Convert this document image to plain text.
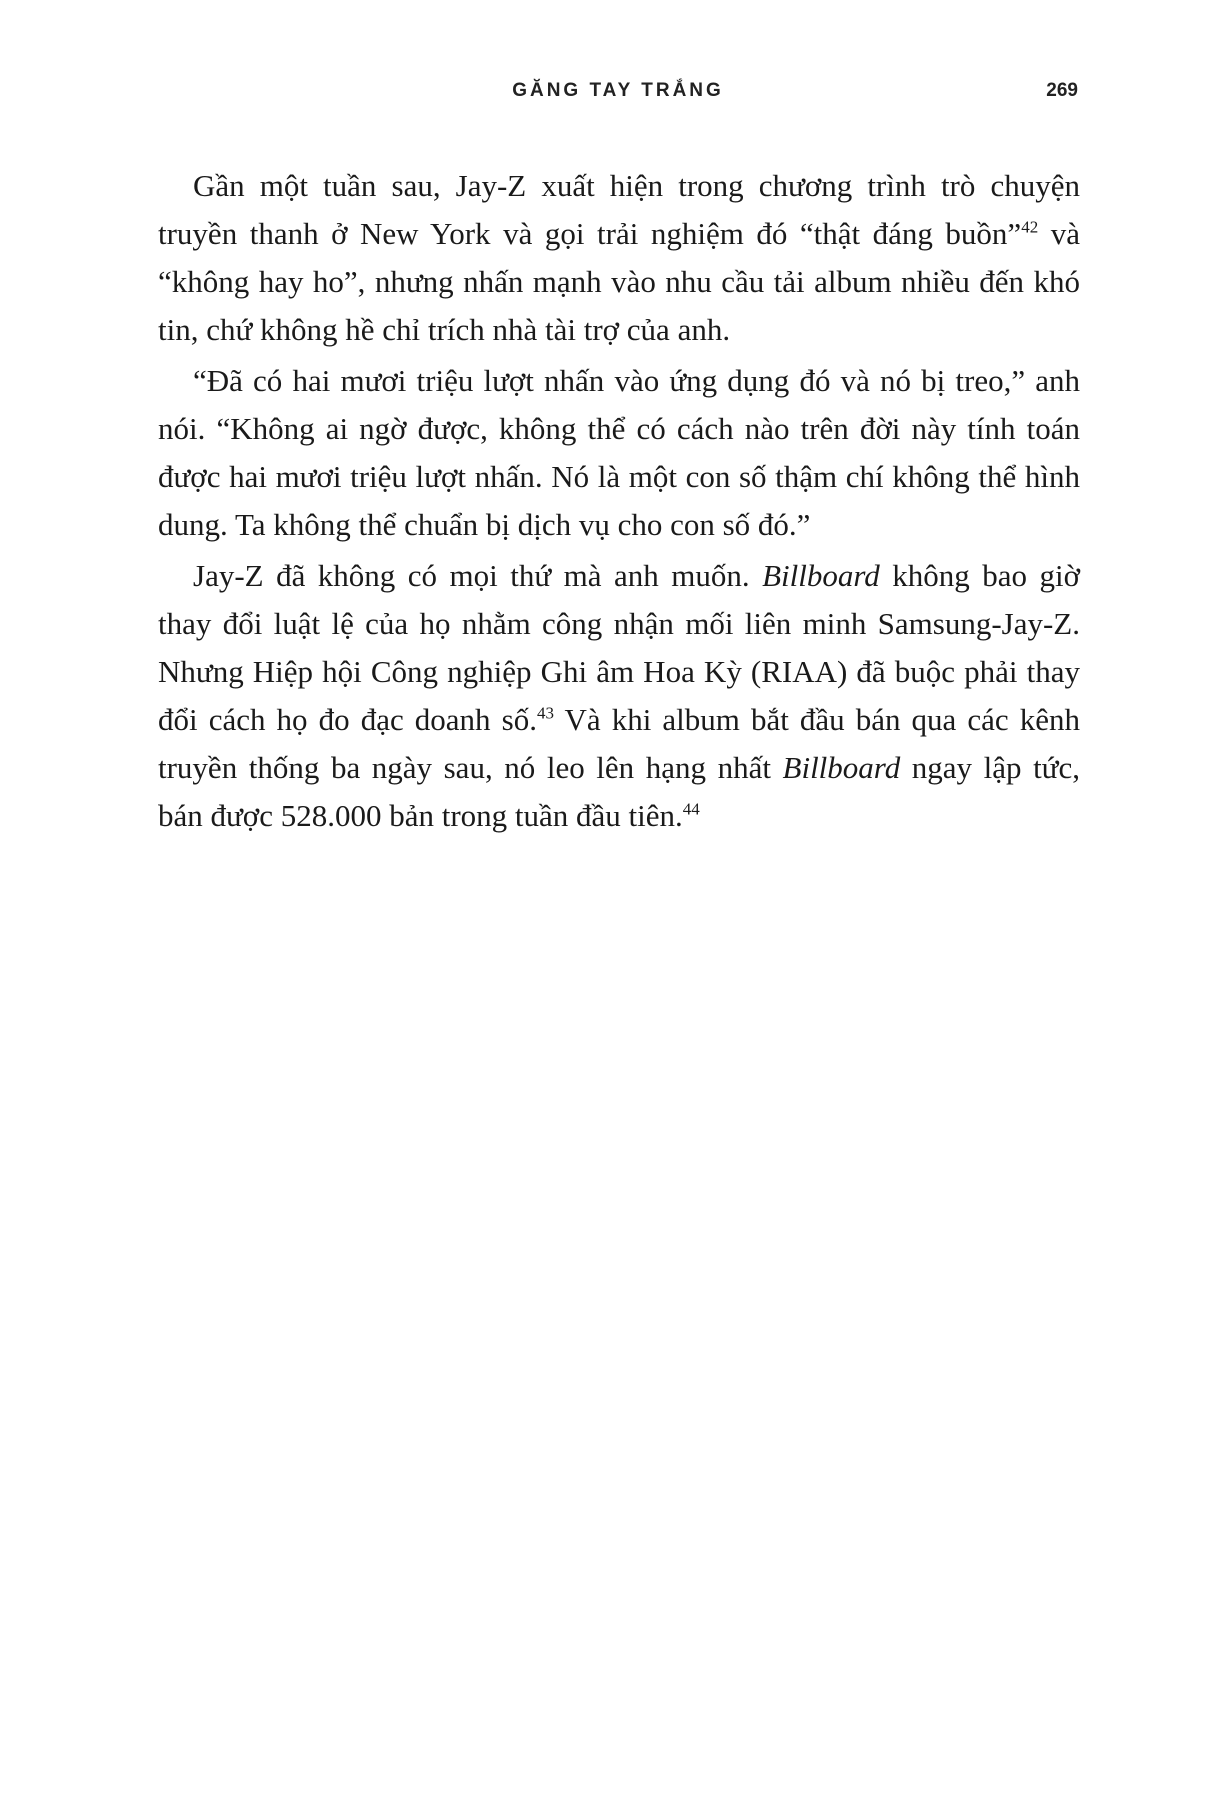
GĂNG TAY TRẮNG	269

Gần một tuần sau, Jay-Z xuất hiện trong chương trình trò chuyện truyền thanh ở New York và gọi trải nghiệm đó “thật đáng buồn”$^{42}$ và “không hay ho”, nhưng nhấn mạnh vào nhu cầu tải album nhiều đến khó tin, chứ không hề chỉ trích nhà tài trợ của anh.

“Đã có hai mươi triệu lượt nhấn vào ứng dụng đó và nó bị treo,” anh nói. “Không ai ngờ được, không thể có cách nào trên đời này tính toán được hai mươi triệu lượt nhấn. Nó là một con số thậm chí không thể hình dung. Ta không thể chuẩn bị dịch vụ cho con số đó.”

Jay-Z đã không có mọi thứ mà anh muốn. Billboard không bao giờ thay đổi luật lệ của họ nhằm công nhận mối liên minh Samsung-Jay-Z. Nhưng Hiệp hội Công nghiệp Ghi âm Hoa Kỳ (RIAA) đã buộc phải thay đổi cách họ đo đạc doanh số.$^{43}$ Và khi album bắt đầu bán qua các kênh truyền thống ba ngày sau, nó leo lên hạng nhất Billboard ngay lập tức, bán được 528.000 bản trong tuần đầu tiên.$^{44}$
